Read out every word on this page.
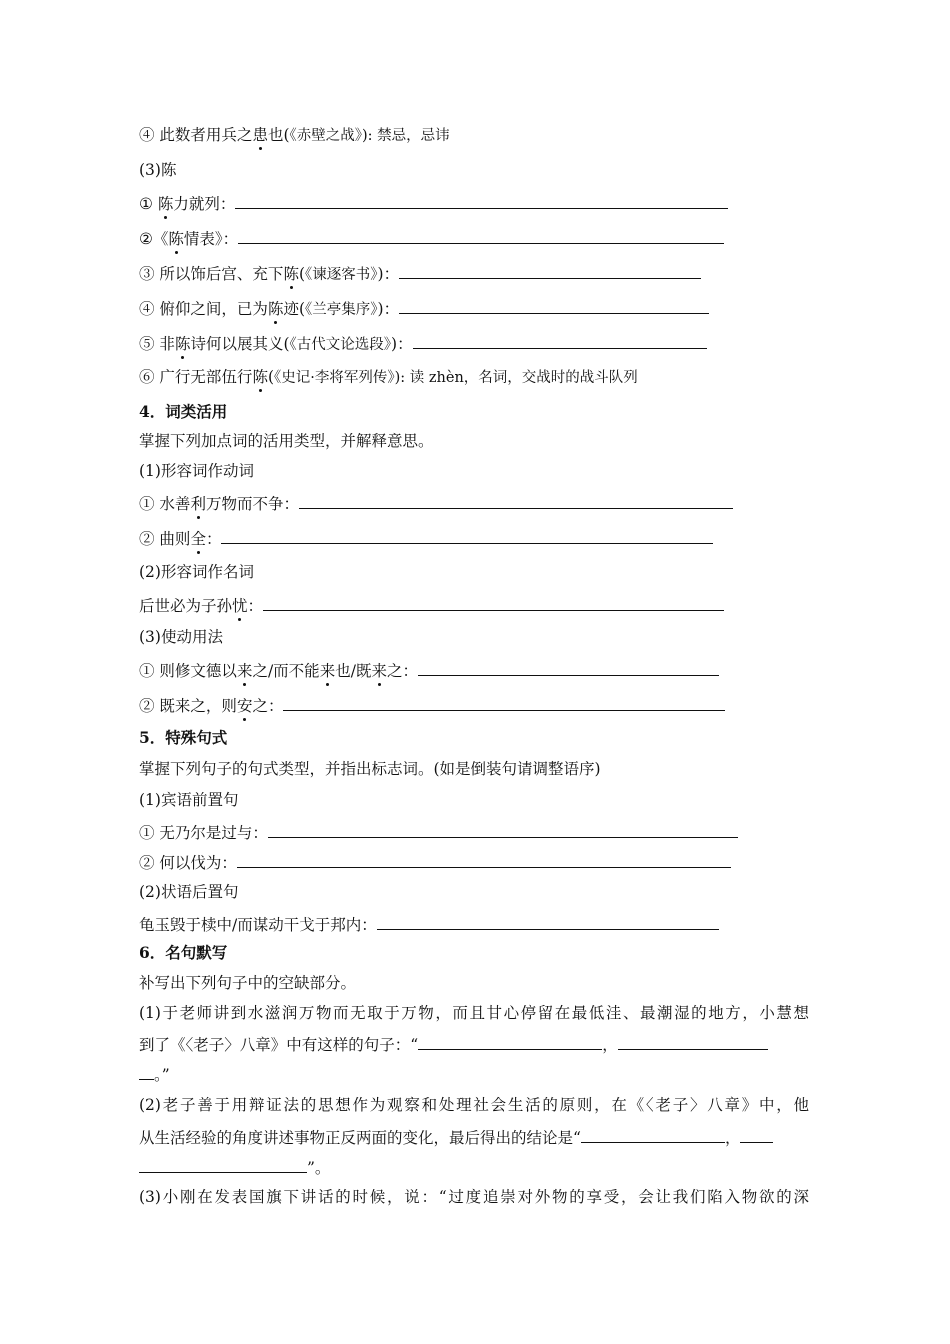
④ 此数者用兵之患也(《赤壁之战》): 禁忌，忌讳
(3)陈
① 陈力就列：
②《陈情表》：
③ 所以饰后宫、充下陈(《谏逐客书》)：
④ 俯仰之间，已为陈迹(《兰亭集序》)：
⑤ 非陈诗何以展其义(《古代文论选段》)：
⑥ 广行无部伍行陈(《史记·李将军列传》): 读 zhèn，名词，交战时的战斗队列
4．词类活用
掌握下列加点词的活用类型，并解释意思。
(1)形容词作动词
① 水善利万物而不争：
② 曲则全：
(2)形容词作名词
后世必为子孙忧：
(3)使动用法
① 则修文德以来之/而不能来也/既来之：
② 既来之，则安之：
5．特殊句式
掌握下列句子的句式类型，并指出标志词。(如是倒装句请调整语序)
(1)宾语前置句
① 无乃尔是过与：
② 何以伐为：
(2)状语后置句
龟玉毁于椟中/而谋动干戈于邦内：
6．名句默写
补写出下列句子中的空缺部分。
(1)于老师讲到水滋润万物而无取于万物，而且甘心停留在最低洼、最潮湿的地方，小慧想
到了《〈老子〉八章》中有这样的句子：“	，
。”
(2)老子善于用辩证法的思想作为观察和处理社会生活的原则，在《〈老子〉八章》中，他
从生活经验的角度讲述事物正反两面的变化，最后得出的结论是“	，
”。
(3)小刚在发表国旗下讲话的时候，说：“过度追崇对外物的享受，会让我们陷入物欲的深
